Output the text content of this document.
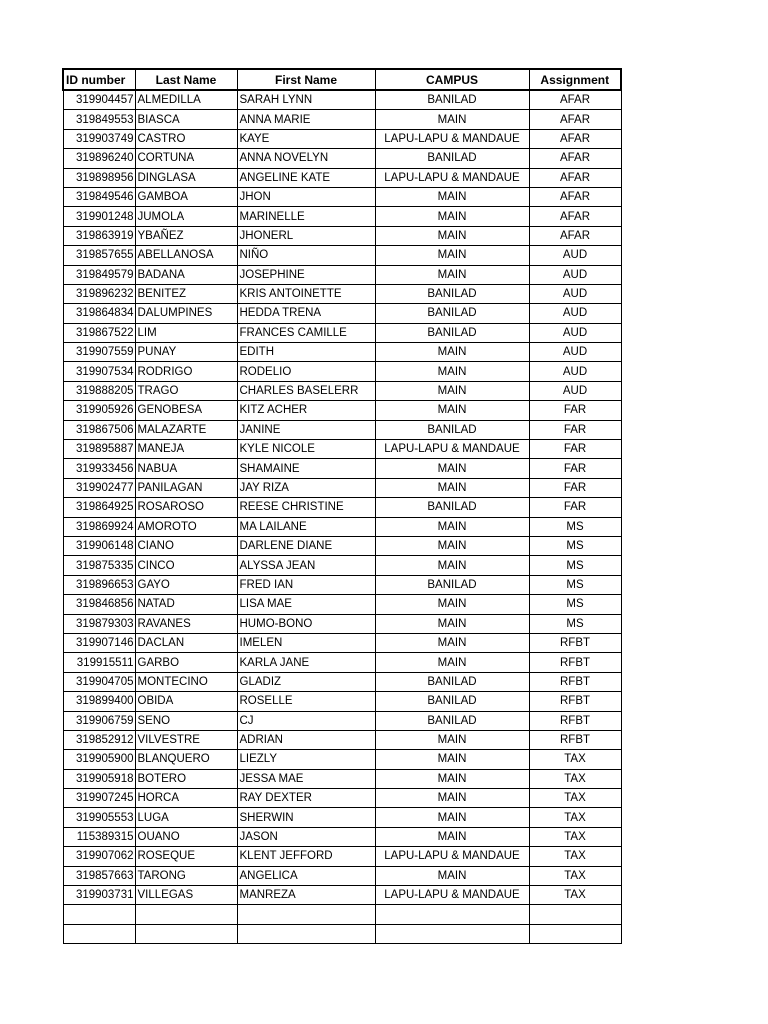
ID number	Last Name	First Name	CAMPUS	Assignment
319904457	ALMEDILLA	SARAH LYNN	BANILAD	AFAR
319849553	BIASCA	ANNA MARIE	MAIN	AFAR
319903749	CASTRO	KAYE	LAPU-LAPU & MANDAUE	AFAR
319896240	CORTUNA	ANNA NOVELYN	BANILAD	AFAR
319898956	DINGLASA	ANGELINE KATE	LAPU-LAPU & MANDAUE	AFAR
319849546	GAMBOA	JHON	MAIN	AFAR
319901248	JUMOLA	MARINELLE	MAIN	AFAR
319863919	YBAÑEZ	JHONERL	MAIN	AFAR
319857655	ABELLANOSA	NIÑO	MAIN	AUD
319849579	BADANA	JOSEPHINE	MAIN	AUD
319896232	BENITEZ	KRIS ANTOINETTE	BANILAD	AUD
319864834	DALUMPINES	HEDDA TRENA	BANILAD	AUD
319867522	LIM	FRANCES CAMILLE	BANILAD	AUD
319907559	PUNAY	EDITH	MAIN	AUD
319907534	RODRIGO	RODELIO	MAIN	AUD
319888205	TRAGO	CHARLES BASELERR	MAIN	AUD
319905926	GENOBESA	KITZ ACHER	MAIN	FAR
319867506	MALAZARTE	JANINE	BANILAD	FAR
319895887	MANEJA	KYLE NICOLE	LAPU-LAPU & MANDAUE	FAR
319933456	NABUA	SHAMAINE	MAIN	FAR
319902477	PANILAGAN	JAY RIZA	MAIN	FAR
319864925	ROSAROSO	REESE CHRISTINE	BANILAD	FAR
319869924	AMOROTO	MA LAILANE	MAIN	MS
319906148	CIANO	DARLENE DIANE	MAIN	MS
319875335	CINCO	ALYSSA JEAN	MAIN	MS
319896653	GAYO	FRED IAN	BANILAD	MS
319846856	NATAD	LISA MAE	MAIN	MS
319879303	RAVANES	HUMO-BONO	MAIN	MS
319907146	DACLAN	IMELEN	MAIN	RFBT
319915511	GARBO	KARLA JANE	MAIN	RFBT
319904705	MONTECINO	GLADIZ	BANILAD	RFBT
319899400	OBIDA	ROSELLE	BANILAD	RFBT
319906759	SENO	CJ	BANILAD	RFBT
319852912	VILVESTRE	ADRIAN	MAIN	RFBT
319905900	BLANQUERO	LIEZLY	MAIN	TAX
319905918	BOTERO	JESSA MAE	MAIN	TAX
319907245	HORCA	RAY DEXTER	MAIN	TAX
319905553	LUGA	SHERWIN	MAIN	TAX
115389315	OUANO	JASON	MAIN	TAX
319907062	ROSEQUE	KLENT JEFFORD	LAPU-LAPU & MANDAUE	TAX
319857663	TARONG	ANGELICA	MAIN	TAX
319903731	VILLEGAS	MANREZA	LAPU-LAPU & MANDAUE	TAX
